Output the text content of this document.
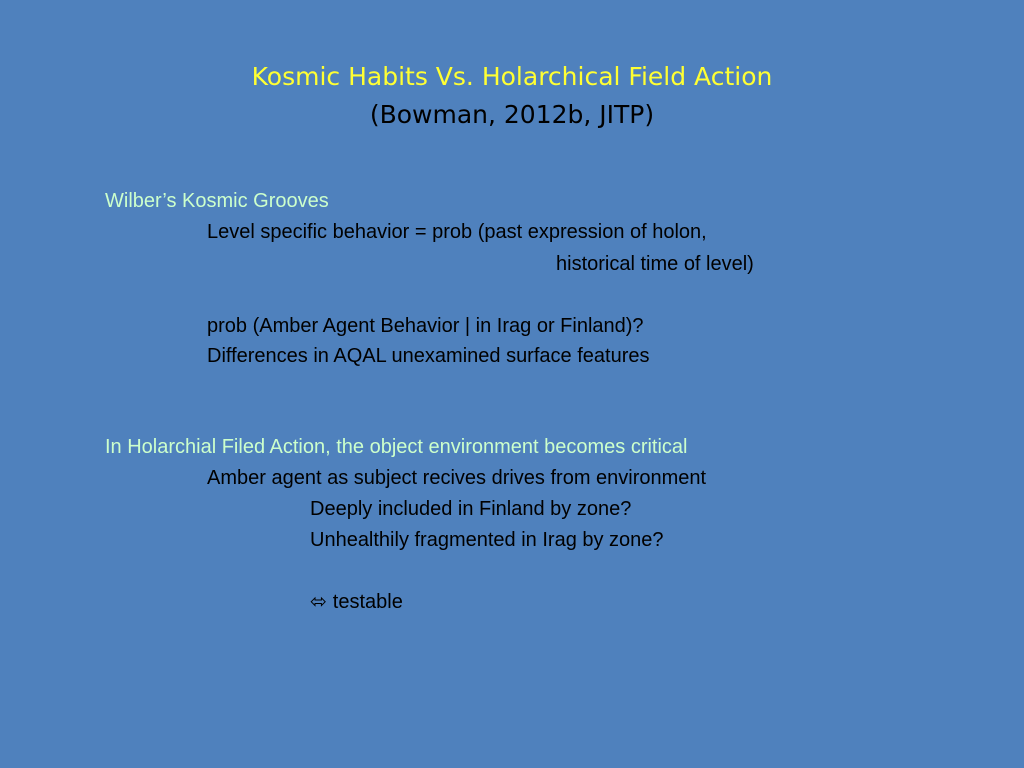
Kosmic Habits Vs. Holarchical Field Action
(Bowman, 2012b, JITP)
Wilber’s Kosmic Grooves
Level specific behavior = prob (past expression of holon,
historical time of level)
prob (Amber Agent Behavior | in Irag or Finland)?
Differences in AQAL unexamined surface features
In Holarchial Filed Action, the object environment becomes critical
Amber agent as subject recives drives from environment
Deeply included in Finland by zone?
Unhealthily fragmented in Irag by zone?
⬄ testable
